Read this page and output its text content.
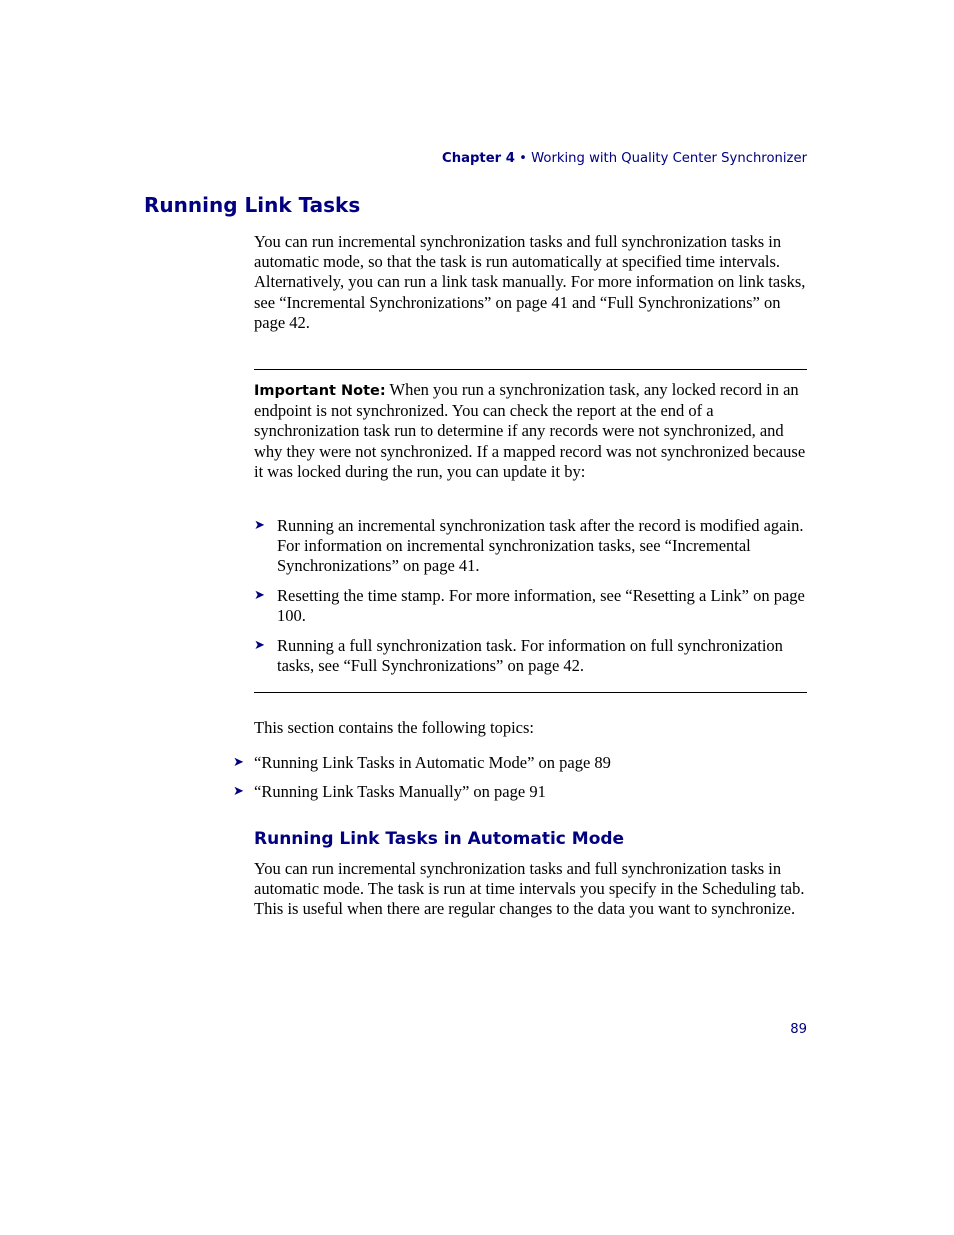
Chapter 4 • Working with Quality Center Synchronizer
Running Link Tasks

You can run incremental synchronization tasks and full synchronization tasks in automatic mode, so that the task is run automatically at specified time intervals. Alternatively, you can run a link task manually. For more information on link tasks, see “Incremental Synchronizations” on page 41 and “Full Synchronizations” on page 42.

Important Note: When you run a synchronization task, any locked record in an endpoint is not synchronized. You can check the report at the end of a synchronization task run to determine if any records were not synchronized, and why they were not synchronized. If a mapped record was not synchronized because it was locked during the run, you can update it by:

➤ Running an incremental synchronization task after the record is modified again. For information on incremental synchronization tasks, see “Incremental Synchronizations” on page 41.
➤ Resetting the time stamp. For more information, see “Resetting a Link” on page 100.
➤ Running a full synchronization task. For information on full synchronization tasks, see “Full Synchronizations” on page 42.

This section contains the following topics:

➤ “Running Link Tasks in Automatic Mode” on page 89
➤ “Running Link Tasks Manually” on page 91
Running Link Tasks in Automatic Mode

You can run incremental synchronization tasks and full synchronization tasks in automatic mode. The task is run at time intervals you specify in the Scheduling tab. This is useful when there are regular changes to the data you want to synchronize.

89
